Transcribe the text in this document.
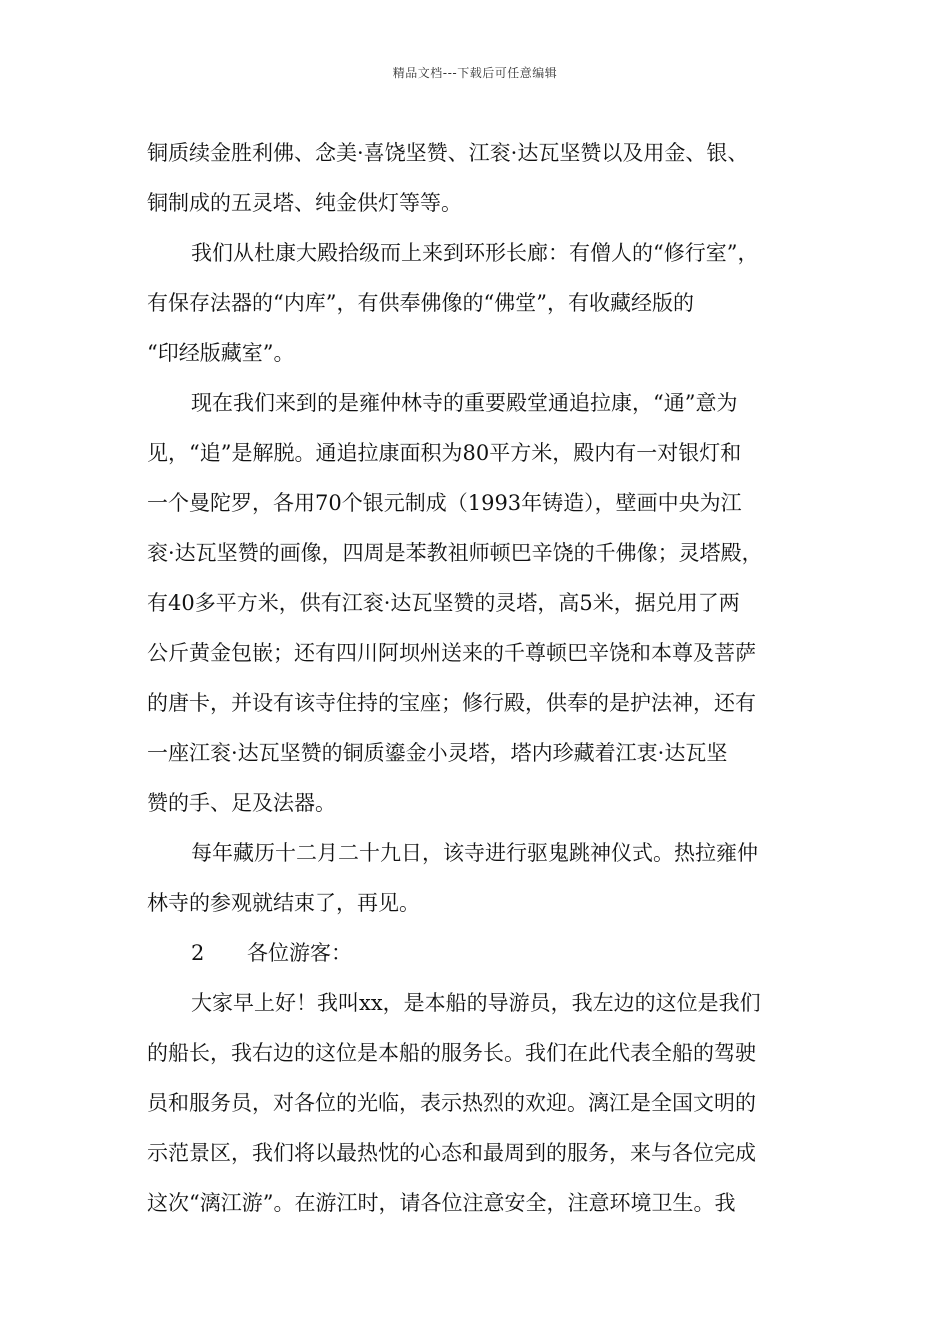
精品文档---下载后可任意编辑

铜质续金胜利佛、念美·喜饶坚赞、江衮·达瓦坚赞以及用金、银、
铜制成的五灵塔、纯金供灯等等。

我们从杜康大殿拾级而上来到环形长廊：有僧人的“修行室”，
有保存法器的“内库”，有供奉佛像的“佛堂”，有收藏经版的
“印经版藏室”。

现在我们来到的是雍仲林寺的重要殿堂通追拉康，“通”意为
见，“追”是解脱。通追拉康面积为80平方米，殿内有一对银灯和
一个曼陀罗，各用70个银元制成（1993年铸造），壁画中央为江
衮·达瓦坚赞的画像，四周是苯教祖师顿巴辛饶的千佛像；灵塔殿，
有40多平方米，供有江衮·达瓦坚赞的灵塔，高5米，据兑用了两
公斤黄金包嵌；还有四川阿坝州送来的千尊顿巴辛饶和本尊及菩萨
的唐卡，并设有该寺住持的宝座；修行殿，供奉的是护法神，还有
一座江衮·达瓦坚赞的铜质鎏金小灵塔，塔内珍藏着江衷·达瓦坚
赞的手、足及法器。

每年藏历十二月二十九日，该寺进行驱鬼跳神仪式。热拉雍仲
林寺的参观就结束了，再见。

2 各位游客：

大家早上好！我叫xx，是本船的导游员，我左边的这位是我们
的船长，我右边的这位是本船的服务长。我们在此代表全船的驾驶
员和服务员，对各位的光临，表示热烈的欢迎。漓江是全国文明的
示范景区，我们将以最热忱的心态和最周到的服务，来与各位完成
这次“漓江游”。在游江时，请各位注意安全，注意环境卫生。我
